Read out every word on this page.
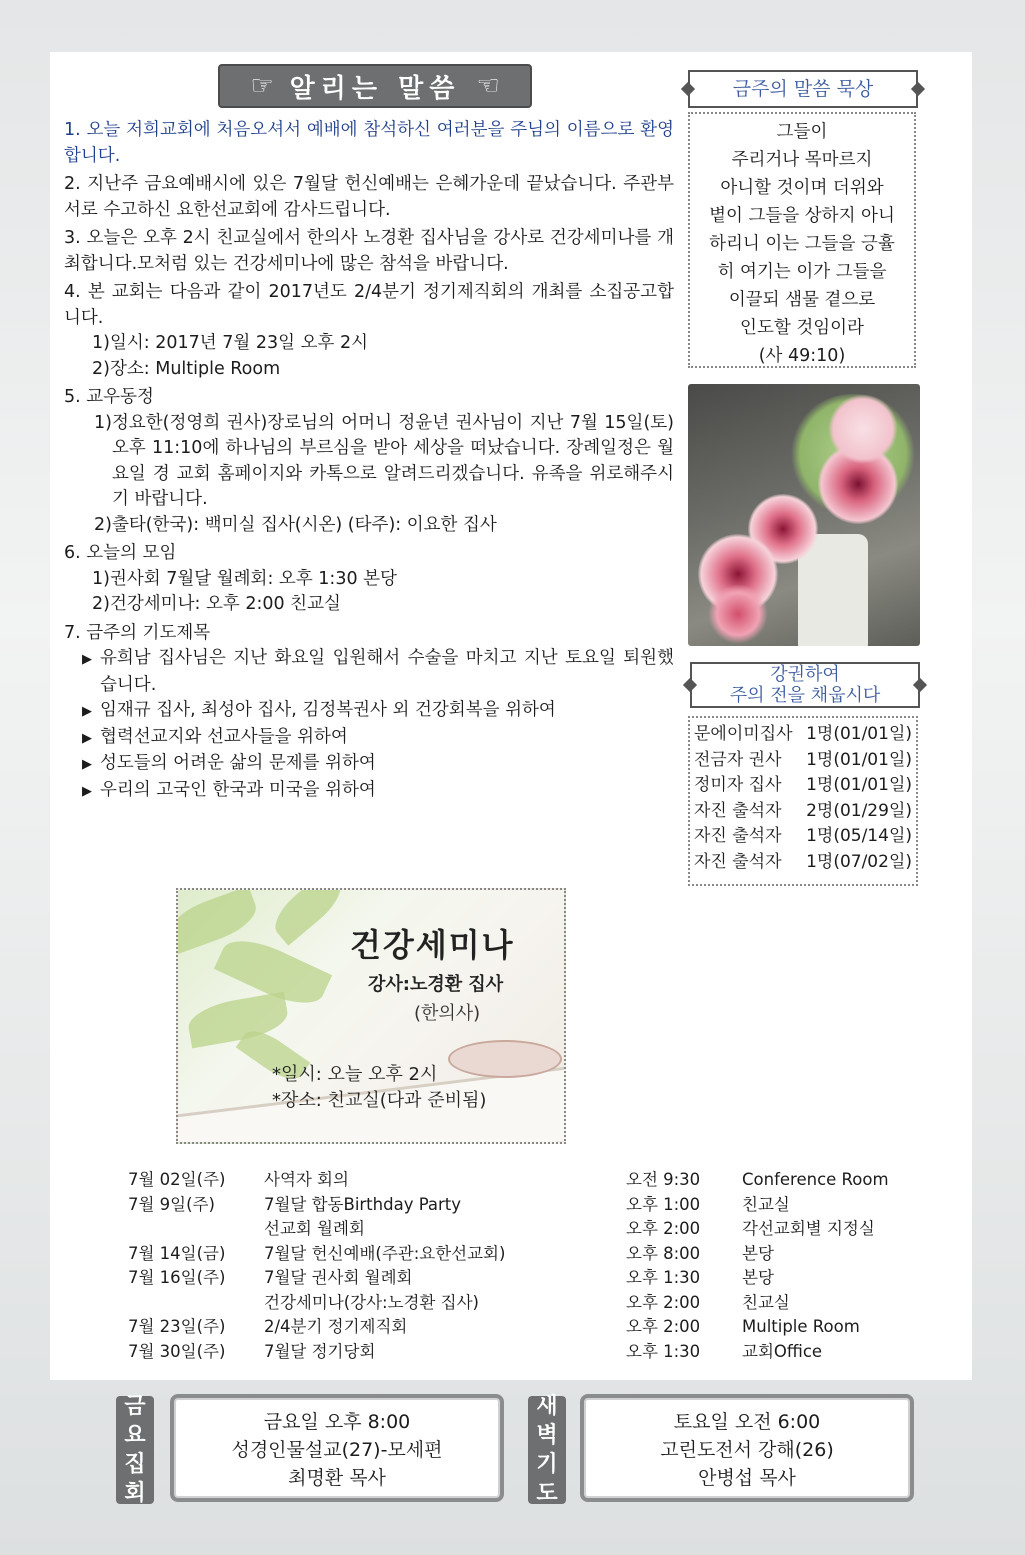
☞ 알리는 말씀 ☜

1. 오늘 저희교회에 처음오셔서 예배에 참석하신 여러분을 주님의 이름으로 환영합니다.

2. 지난주 금요예배시에 있은 7월달 헌신예배는 은혜가운데 끝났습니다. 주관부서로 수고하신 요한선교회에 감사드립니다.

3. 오늘은 오후 2시 친교실에서 한의사 노경환 집사님을 강사로 건강세미나를 개최합니다.모처럼 있는 건강세미나에 많은 참석을 바랍니다.

4. 본 교회는 다음과 같이 2017년도 2/4분기 정기제직회의 개최를 소집공고합니다.

1)일시: 2017년 7월 23일 오후 2시

2)장소: Multiple Room

5. 교우동정

1)정요한(정영희 권사)장로님의 어머니 정윤년 권사님이 지난 7월 15일(토) 오후 11:10에 하나님의 부르심을 받아 세상을 떠났습니다. 장례일정은 월요일 경 교회 홈페이지와 카톡으로 알려드리겠습니다. 유족을 위로해주시기 바랍니다.

2)출타(한국): 백미실 집사(시온) (타주): 이요한 집사

6. 오늘의 모임

1)권사회 7월달 월례회: 오후 1:30 본당

2)건강세미나: 오후 2:00 친교실

7. 금주의 기도제목

▶ 유희남 집사님은 지난 화요일 입원해서 수술을 마치고 지난 토요일 퇴원했습니다.

▶ 임재규 집사, 최성아 집사, 김정복권사 외 건강회복을 위하여

▶ 협력선교지와 선교사들을 위하여

▶ 성도들의 어려운 삶의 문제를 위하여

▶ 우리의 고국인 한국과 미국을 위하여

건강세미나
강사:노경환 집사
(한의사)
*일시: 오늘 오후 2시
*장소: 친교실(다과 준비됨)
금주의 말씀 묵상
그들이
주리거나 목마르지
아니할 것이며 더위와
볕이 그들을 상하지 아니
하리니 이는 그들을 긍휼
히 여기는 이가 그들을
이끌되 샘물 곁으로
인도할 것임이라
(사 49:10)
강권하여
주의 전을 채웁시다
문에이미집사 1명(01/01일)
전금자 권사 1명(01/01일)
정미자 집사 1명(01/01일)
자진 출석자 2명(01/29일)
자진 출석자 1명(05/14일)
자진 출석자 1명(07/02일)
7월 02일(주)	사역자 회의	오전 9:30	Conference Room
7월 9일(주)	7월달 합동Birthday Party	오후 1:00	친교실
선교회 월례회	오후 2:00	각선교회별 지정실
7월 14일(금)	7월달 헌신예배(주관:요한선교회)	오후 8:00	본당
7월 16일(주)	7월달 권사회 월례회	오후 1:30	본당
건강세미나(강사:노경환 집사)	오후 2:00	친교실
7월 23일(주)	2/4분기 정기제직회	오후 2:00	Multiple Room
7월 30일(주)	7월달 정기당회	오후 1:30	교회Office
금
요
집
회
금요일 오후 8:00
성경인물설교(27)-모세편
최명환 목사
새
벽
기
도
토요일 오전 6:00
고린도전서 강해(26)
안병섭 목사
